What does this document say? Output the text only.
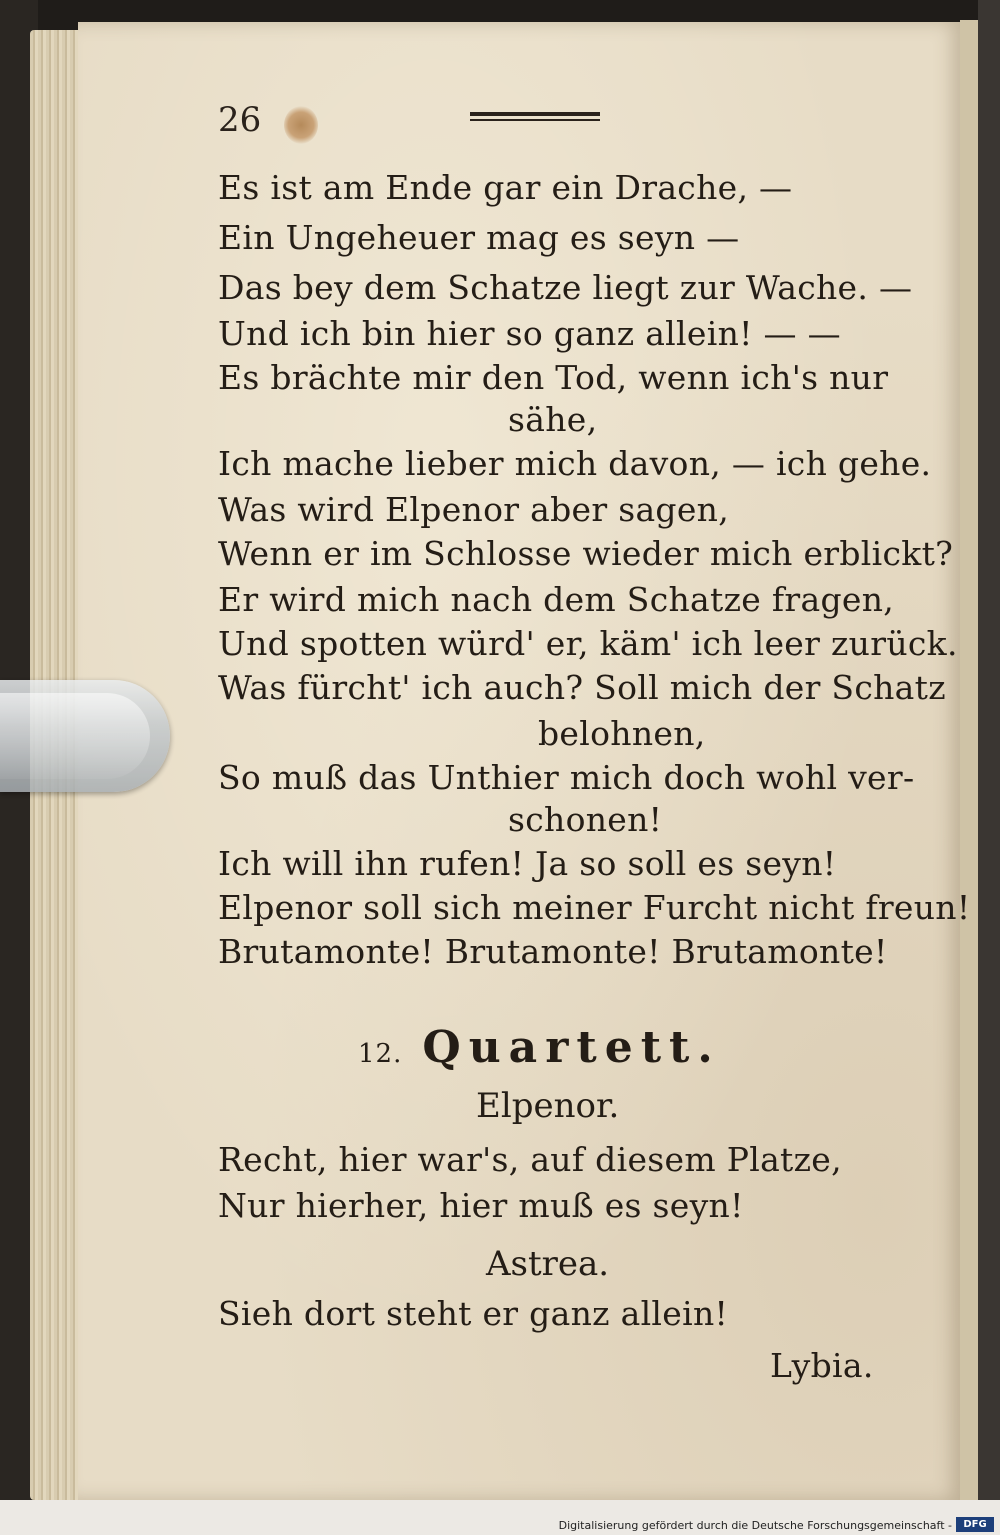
26
Es ist am Ende gar ein Drache, —
Ein Ungeheuer mag es seyn —
Das bey dem Schatze liegt zur Wache. —
Und ich bin hier so ganz allein! — —
Es brächte mir den Tod, wenn ich's nur
sähe,
Ich mache lieber mich davon, — ich gehe.
Was wird Elpenor aber sagen,
Wenn er im Schlosse wieder mich erblickt?
Er wird mich nach dem Schatze fragen,
Und spotten würd' er, käm' ich leer zurück.
Was fürcht' ich auch? Soll mich der Schatz
belohnen,
So muß das Unthier mich doch wohl ver-
schonen!
Ich will ihn rufen! Ja so soll es seyn!
Elpenor soll sich meiner Furcht nicht freun!
Brutamonte! Brutamonte! Brutamonte!
12. Quartett.
Elpenor.
Recht, hier war's, auf diesem Platze,
Nur hierher, hier muß es seyn!
Astrea.
Sieh dort steht er ganz allein!
Lybia.
Digitalisierung gefördert durch die Deutsche Forschungsgemeinschaft -	DFG
